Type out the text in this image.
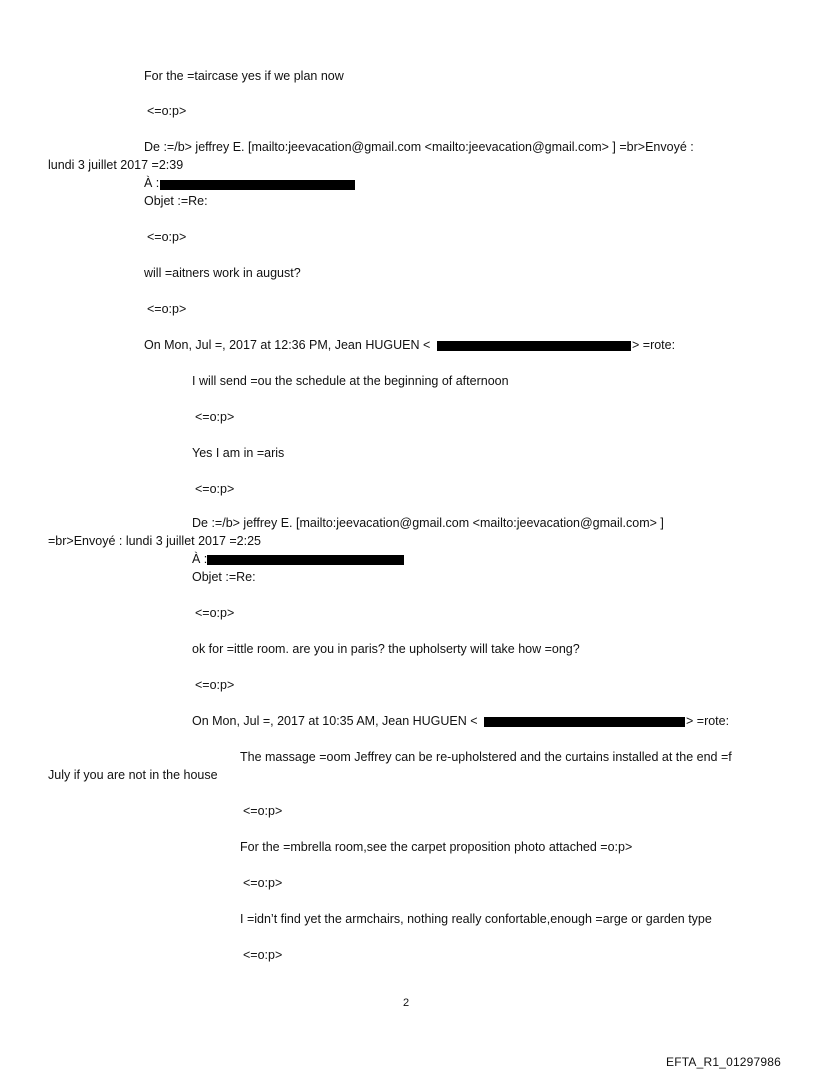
For the =taircase yes if we plan now
<=o:p>
De :=/b> jeffrey E. [mailto:jeevacation@gmail.com <mailto:jeevacation@gmail.com> ] =br>Envoyé :
lundi 3 juillet 2017 =2:39
À :
Objet :=Re:
<=o:p>
will =aitners work in august?
<=o:p>
On Mon, Jul =, 2017 at 12:36 PM, Jean HUGUEN <	> =rote:
I will send =ou the schedule at the beginning of afternoon
<=o:p>
Yes I am in =aris
<=o:p>
De :=/b> jeffrey E. [mailto:jeevacation@gmail.com <mailto:jeevacation@gmail.com> ]
=br>Envoyé : lundi 3 juillet 2017 =2:25
À :
Objet :=Re:
<=o:p>
ok for =ittle room. are you in paris? the upholserty will take how =ong?
<=o:p>
On Mon, Jul =, 2017 at 10:35 AM, Jean HUGUEN <	> =rote:
The massage =oom Jeffrey can be re-upholstered and the curtains installed at the end =f
July if you are not in the house
<=o:p>
For the =mbrella room,see the carpet proposition photo attached =o:p>
<=o:p>
I =idn’t find yet the armchairs, nothing really confortable,enough =arge or garden type
<=o:p>
2
EFTA_R1_01297986
